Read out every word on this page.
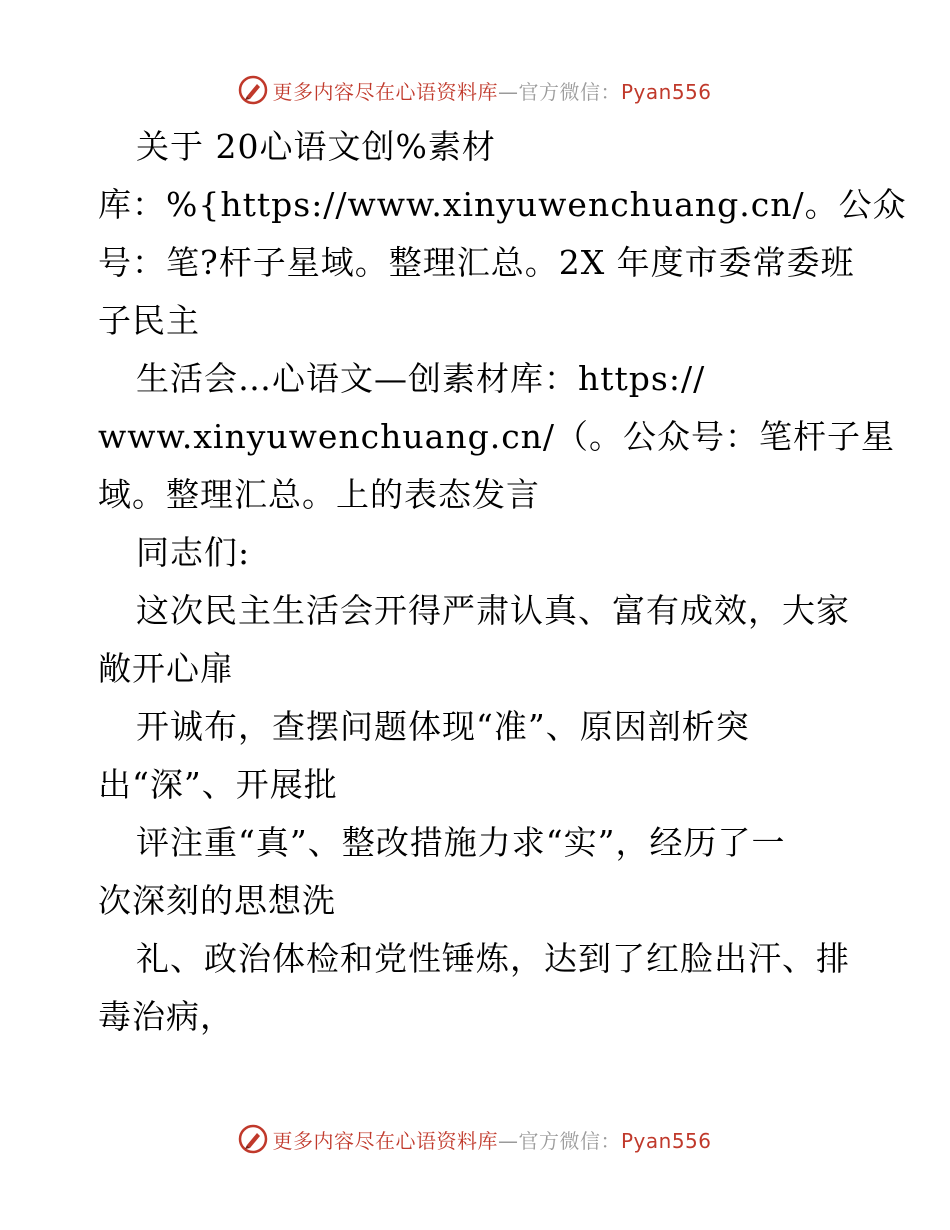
更多内容尽在心语资料库—官方微信：Pyan556
关于 20心语文创%素材
库：%{https://www.xinyuwenchuang.cn/。公众
号：笔?杆子星域。整理汇总。2X 年度市委常委班
子民主
生活会…心语文—创素材库：https://
www.xinyuwenchuang.cn/（。公众号：笔杆子星
域。整理汇总。上的表态发言
同志们:
这次民主生活会开得严肃认真、富有成效，大家
敞开心扉
开诚布，查摆问题体现“准”、原因剖析突
出“深”、开展批
评注重“真”、整改措施力求“实”，经历了一
次深刻的思想洗
礼、政治体检和党性锤炼，达到了红脸出汗、排
毒治病，
更多内容尽在心语资料库—官方微信：Pyan556
